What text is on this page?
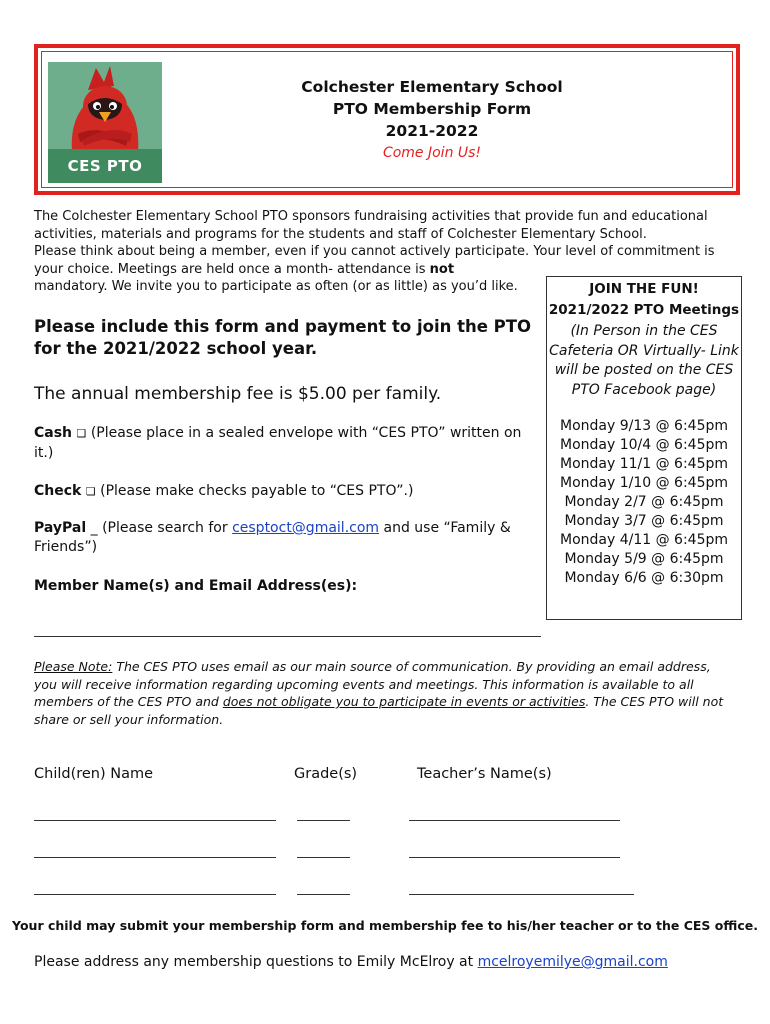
CES PTO
Colchester Elementary School
PTO Membership Form
2021-2022
Come Join Us!
The Colchester Elementary School PTO sponsors fundraising activities that provide fun and educational activities, materials and programs for the students and staff of Colchester Elementary School.
Please think about being a member, even if you cannot actively participate. Your level of commitment is your choice. Meetings are held once a month- attendance is not
mandatory. We invite you to participate as often (or as little) as you’d like.	JOIN THE FUN!
2021/2022 PTO Meetings
(In Person in the CES Cafeteria OR Virtually- Link will be posted on the CES PTO Facebook page)
Monday 9/13 @ 6:45pm
Monday 10/4 @ 6:45pm
Monday 11/1 @ 6:45pm
Monday 1/10 @ 6:45pm
Monday 2/7 @ 6:45pm
Monday 3/7 @ 6:45pm
Monday 4/11 @ 6:45pm
Monday 5/9 @ 6:45pm
Monday 6/6 @ 6:30pm
Please include this form and payment to join the PTO for the 2021/2022 school year.
The annual membership fee is $5.00 per family.
Cash ❏ (Please place in a sealed envelope with “CES PTO” written on it.)
Check ❏ (Please make checks payable to “CES PTO”.)
PayPal _ (Please search for cesptoct@gmail.com and use “Family & Friends”)
Member Name(s) and Email Address(es):
Please Note: The CES PTO uses email as our main source of communication. By providing an email address, you will receive information regarding upcoming events and meetings. This information is available to all members of the CES PTO and does not obligate you to participate in events or activities. The CES PTO will not share or sell your information.
Child(ren) Name	Grade(s)	Teacher’s Name(s)
Your child may submit your membership form and membership fee to his/her teacher or to the CES office.
Please address any membership questions to Emily McElroy at mcelroyemilye@gmail.com
